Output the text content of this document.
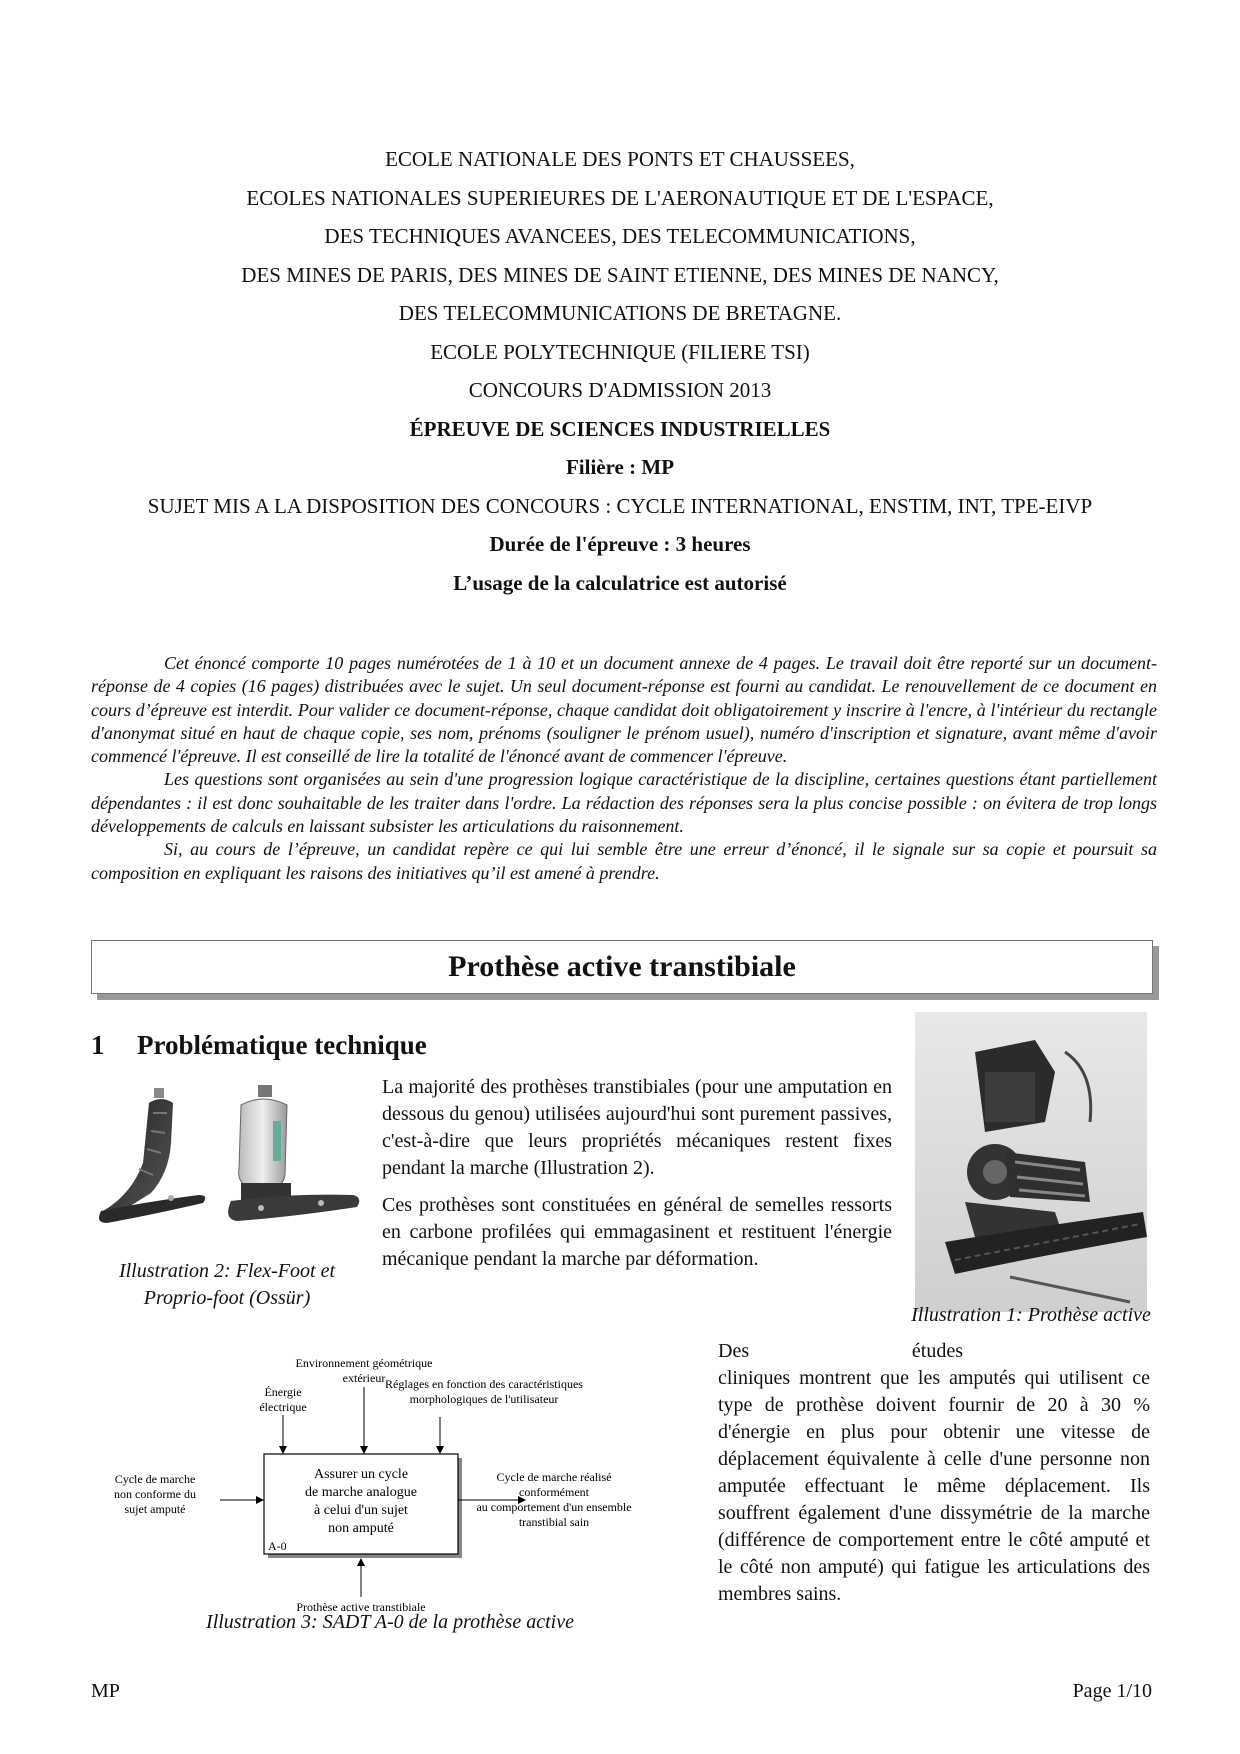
ECOLE NATIONALE DES PONTS ET CHAUSSEES,
ECOLES NATIONALES SUPERIEURES DE L'AERONAUTIQUE ET DE L'ESPACE,
DES TECHNIQUES AVANCEES, DES TELECOMMUNICATIONS,
DES MINES DE PARIS, DES MINES DE SAINT ETIENNE, DES MINES DE NANCY,
DES TELECOMMUNICATIONS DE BRETAGNE.
ECOLE POLYTECHNIQUE (FILIERE TSI)
CONCOURS D'ADMISSION 2013
ÉPREUVE DE SCIENCES INDUSTRIELLES
Filière : MP
SUJET MIS A LA DISPOSITION DES CONCOURS : CYCLE INTERNATIONAL, ENSTIM, INT, TPE-EIVP
Durée de l'épreuve : 3 heures
L’usage de la calculatrice est autorisé

Cet énoncé comporte 10 pages numérotées de 1 à 10 et un document annexe de 4 pages. Le travail doit être reporté sur un document-réponse de 4 copies (16 pages) distribuées avec le sujet. Un seul document-réponse est fourni au candidat. Le renouvellement de ce document en cours d’épreuve est interdit. Pour valider ce document-réponse, chaque candidat doit obligatoirement y inscrire à l'encre, à l'intérieur du rectangle d'anonymat situé en haut de chaque copie, ses nom, prénoms (souligner le prénom usuel), numéro d'inscription et signature, avant même d'avoir commencé l'épreuve. Il est conseillé de lire la totalité de l'énoncé avant de commencer l'épreuve.

Les questions sont organisées au sein d'une progression logique caractéristique de la discipline, certaines questions étant partiellement dépendantes : il est donc souhaitable de les traiter dans l'ordre. La rédaction des réponses sera la plus concise possible : on évitera de trop longs développements de calculs en laissant subsister les articulations du raisonnement.

Si, au cours de l’épreuve, un candidat repère ce qui lui semble être une erreur d’énoncé, il le signale sur sa copie et poursuit sa composition en expliquant les raisons des initiatives qu’il est amené à prendre.

Prothèse active transtibiale
1 Problématique technique
Illustration 2: Flex-Foot et Proprio-foot (Ossür)

La majorité des prothèses transtibiales (pour une amputation en dessous du genou) utilisées aujourd'hui sont purement passives, c'est-à-dire que leurs propriétés mécaniques restent fixes pendant la marche (Illustration 2).

Ces prothèses sont constituées en général de semelles ressorts en carbone profilées qui emmagasinent et restituent l'énergie mécanique pendant la marche par déformation.

Illustration 1: Prothèse active
Des	études
cliniques montrent que les amputés qui utilisent ce type de prothèse doivent fournir de 20 à 30 % d'énergie en plus pour obtenir une vitesse de déplacement équivalente à celle d'une personne non amputée effectuant le même déplacement. Ils souffrent également d'une dissymétrie de la marche (différence de comportement entre le côté amputé et le côté non amputé) qui fatigue les articulations des membres sains.
Assurer un cycle
de marche analogue
à celui d'un sujet
non amputé
A-0
Environnement géométrique
extérieur
Énergie
électrique
Réglages en fonction des caractéristiques
morphologiques de l'utilisateur
Cycle de marche
non conforme du
sujet amputé
Cycle de marche réalisé
conformément
au comportement d'un ensemble
transtibial sain
Prothèse active transtibiale
Illustration 3: SADT A-0 de la prothèse active
MP	Page 1/10
